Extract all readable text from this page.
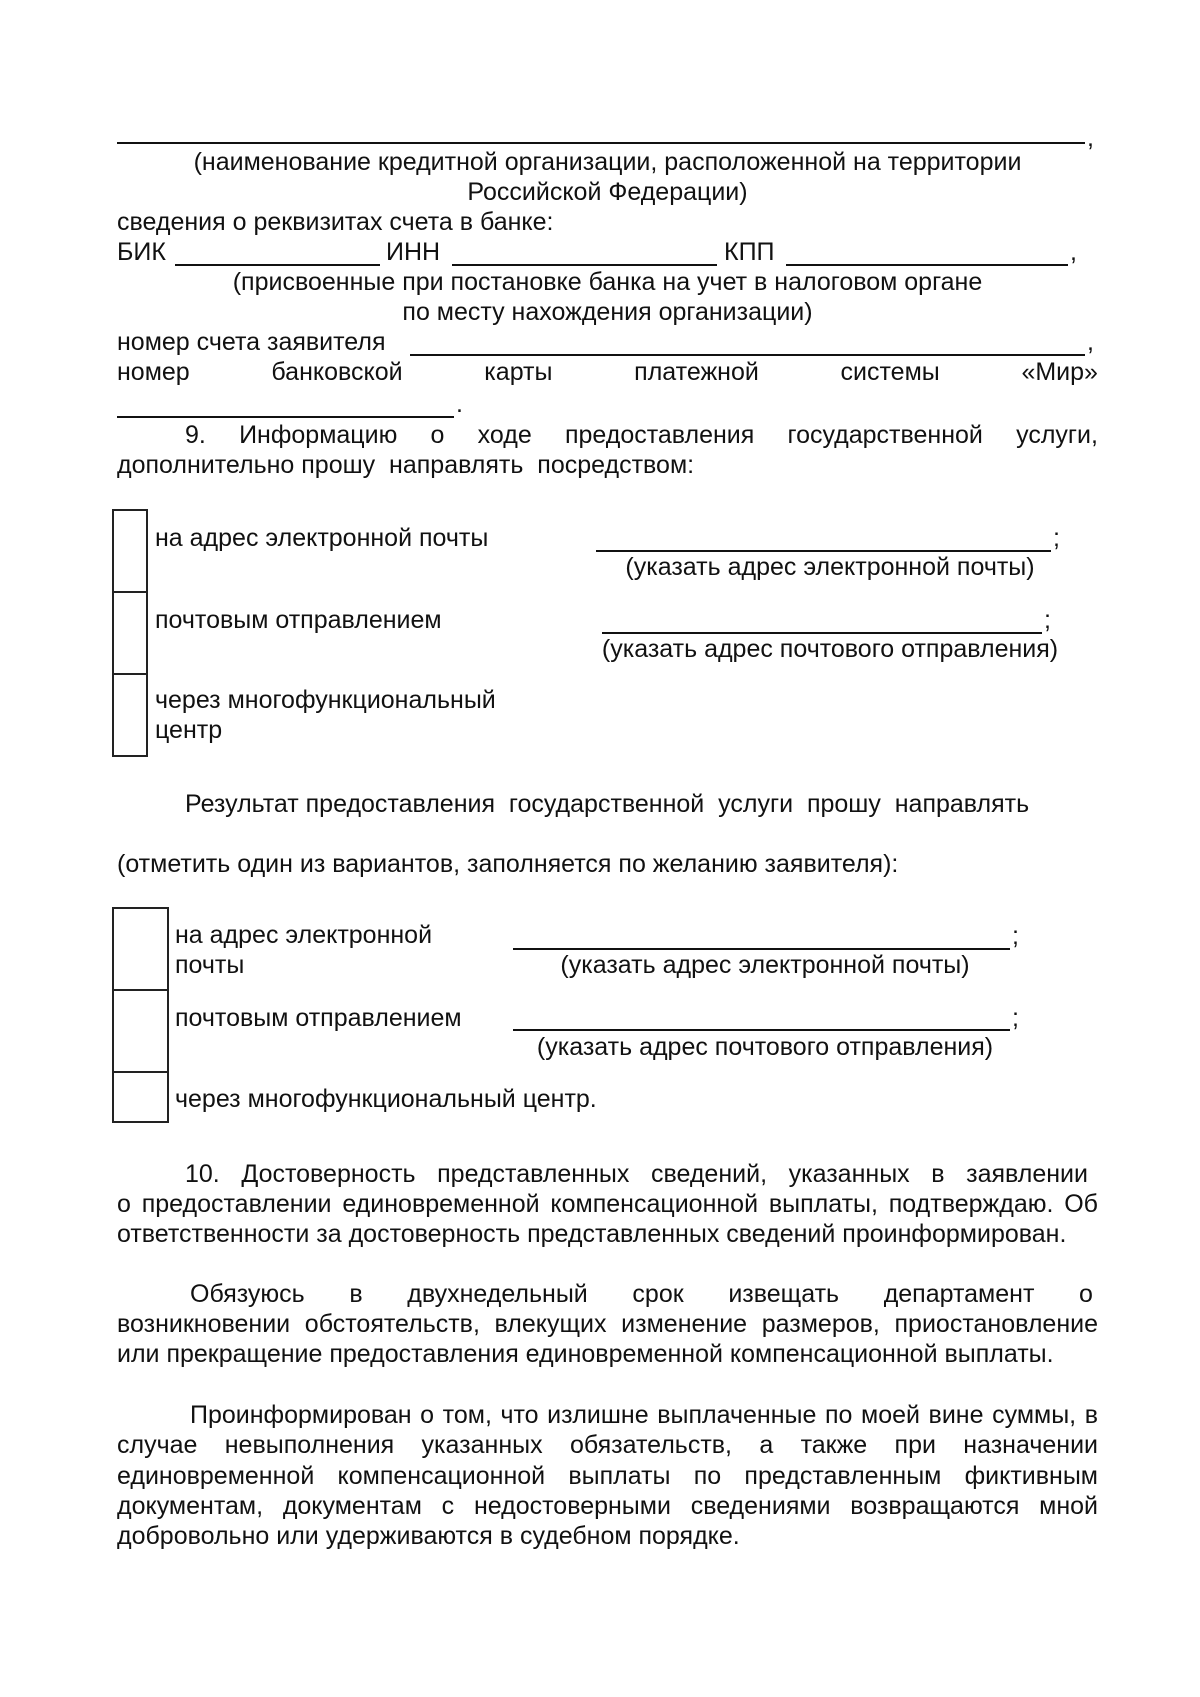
,
(наименование кредитной организации, расположенной на территории
Российской Федерации)
сведения о реквизитах счета в банке:
БИК	ИНН	КПП	,
(присвоенные при постановке банка на учет в налоговом органе
по месту нахождения организации)
номер счета заявителя	,
номер	банковской	карты	платежной	системы	«Мир»
.
9. Информацию о ходе предоставления государственной услуги,
дополнительно прошу  направлять  посредством:
на адрес электронной почты	;
(указать адрес электронной почты)
почтовым отправлением	;
(указать адрес почтового отправления)
через многофункциональный
центр
Результат предоставления  государственной  услуги  прошу  направлять
(отметить один из вариантов, заполняется по желанию заявителя):
на адрес электронной
почты
;
(указать адрес электронной почты)
почтовым отправлением	;
(указать адрес почтового отправления)
через многофункциональный центр.
10. Достоверность представленных сведений, указанных в заявлении
о предоставлении единовременной компенсационной выплаты, подтверждаю. Об ответственности за достоверность представленных сведений проинформирован.
Обязуюсь в двухнедельный срок извещать департамент о
возникновении обстоятельств, влекущих изменение размеров, приостановление или прекращение предоставления единовременной компенсационной выплаты.
Проинформирован о том, что излишне выплаченные по моей вине суммы, в случае невыполнения указанных обязательств, а также при назначении единовременной компенсационной выплаты по представленным фиктивным документам, документам с недостоверными сведениями возвращаются мной добровольно или удерживаются в судебном порядке.
